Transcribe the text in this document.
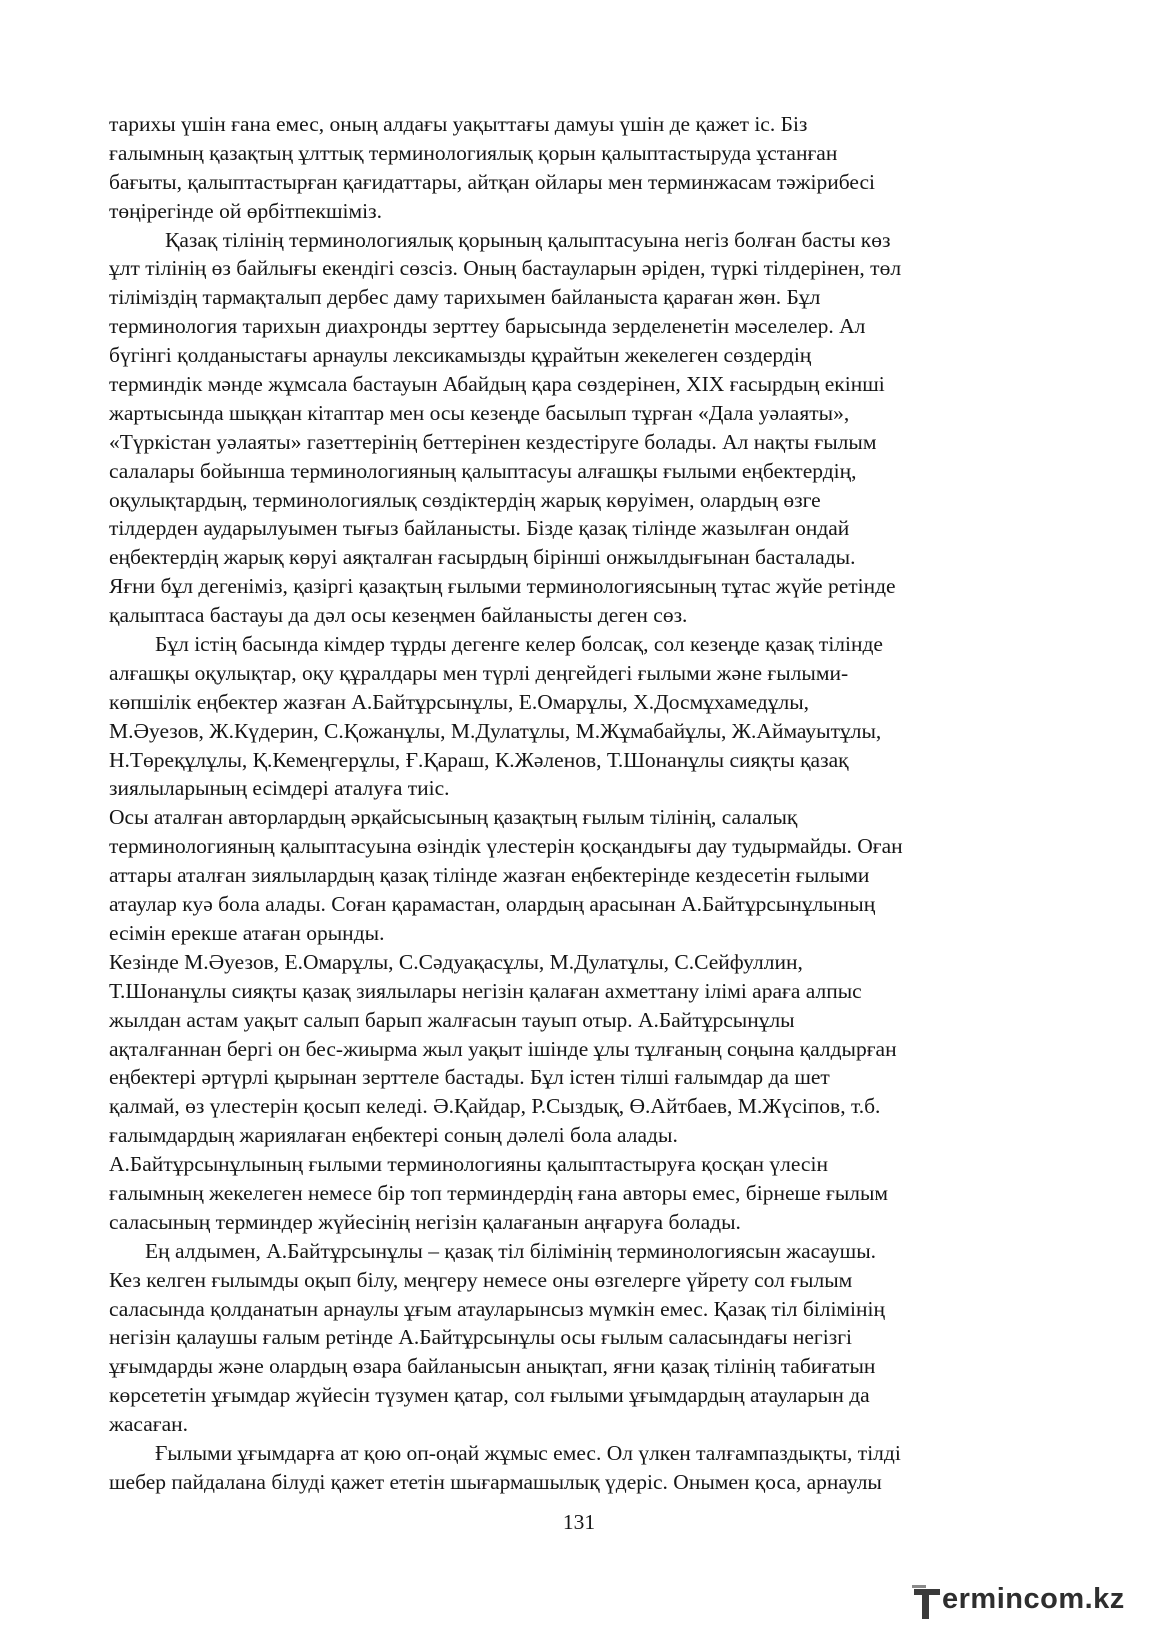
тарихы үшін ғана емес, оның алдағы уақыттағы дамуы үшін де қажет іс. Біз
ғалымның қазақтың ұлттық терминологиялық қорын қалыптастыруда ұстанған
бағыты, қалыптастырған қағидаттары, айтқан ойлары мен терминжасам тәжірибесі
төңірегінде ой өрбітпекшіміз.
Қазақ тілінің терминологиялық қорының қалыптасуына негіз болған басты көз
ұлт тілінің өз байлығы екендігі сөзсіз. Оның бастауларын әріден, түркі тілдерінен, төл
тіліміздің тармақталып дербес даму тарихымен байланыста қараған жөн. Бұл
терминология тарихын диахронды зерттеу барысында зерделенетін мәселелер. Ал
бүгінгі қолданыстағы арнаулы лексикамызды құрайтын жекелеген сөздердің
терминдік мәнде жұмсала бастауын Абайдың қара сөздерінен, XIX ғасырдың екінші
жартысында шыққан кітаптар мен осы кезеңде басылып тұрған «Дала уәлаяты»,
«Түркістан уәлаяты» газеттерінің беттерінен кездестіруге болады. Ал нақты ғылым
салалары бойынша терминологияның қалыптасуы алғашқы ғылыми еңбектердің,
оқулықтардың, терминологиялық сөздіктердің жарық көруімен, олардың өзге
тілдерден аударылуымен тығыз байланысты. Бізде қазақ тілінде жазылған ондай
еңбектердің жарық көруі аяқталған ғасырдың бірінші онжылдығынан басталады.
Яғни бұл дегеніміз, қазіргі қазақтың ғылыми терминологиясының тұтас жүйе ретінде
қалыптаса бастауы да дәл осы кезеңмен байланысты деген сөз.
Бұл істің басында кімдер тұрды дегенге келер болсақ, сол кезеңде қазақ тілінде
алғашқы оқулықтар, оқу құралдары мен түрлі деңгейдегі ғылыми және ғылыми-
көпшілік еңбектер жазған А.Байтұрсынұлы, Е.Омарұлы, Х.Досмұхамедұлы,
М.Әуезов, Ж.Күдерин, С.Қожанұлы, М.Дулатұлы, М.Жұмабайұлы, Ж.Аймауытұлы,
Н.Төреқұлұлы, Қ.Кемеңгерұлы, Ғ.Қараш, К.Жәленов, Т.Шонанұлы сияқты қазақ
зиялыларының есімдері аталуға тиіс.
Осы аталған авторлардың әрқайсысының қазақтың ғылым тілінің, салалық
терминологияның қалыптасуына өзіндік үлестерін қосқандығы дау тудырмайды. Оған
аттары аталған зиялылардың қазақ тілінде жазған еңбектерінде кездесетін ғылыми
атаулар куә бола алады. Соған қарамастан, олардың арасынан А.Байтұрсынұлының
есімін ерекше атаған орынды.
Кезінде М.Әуезов, Е.Омарұлы, С.Сәдуақасұлы, М.Дулатұлы, С.Сейфуллин,
Т.Шонанұлы сияқты қазақ зиялылары негізін қалаған ахметтану ілімі араға алпыс
жылдан астам уақыт салып барып жалғасын тауып отыр. А.Байтұрсынұлы
ақталғаннан бергі он бес-жиырма жыл уақыт ішінде ұлы тұлғаның соңына қалдырған
еңбектері әртүрлі қырынан зерттеле бастады. Бұл істен тілші ғалымдар да шет
қалмай, өз үлестерін қосып келеді. Ә.Қайдар, Р.Сыздық, Ө.Айтбаев, М.Жүсіпов, т.б.
ғалымдардың жариялаған еңбектері соның дәлелі бола алады.
А.Байтұрсынұлының ғылыми терминологияны қалыптастыруға қосқан үлесін
ғалымның жекелеген немесе бір топ терминдердің ғана авторы емес, бірнеше ғылым
саласының терминдер жүйесінің негізін қалағанын аңғаруға болады.
Ең алдымен, А.Байтұрсынұлы – қазақ тіл білімінің терминологиясын жасаушы.
Кез келген ғылымды оқып білу, меңгеру немесе оны өзгелерге үйрету сол ғылым
саласында қолданатын арнаулы ұғым атауларынсыз мүмкін емес. Қазақ тіл білімінің
негізін қалаушы ғалым ретінде А.Байтұрсынұлы осы ғылым саласындағы негізгі
ұғымдарды және олардың өзара байланысын анықтап, яғни қазақ тілінің табиғатын
көрсететін ұғымдар жүйесін түзумен қатар, сол ғылыми ұғымдардың атауларын да
жасаған.
Ғылыми ұғымдарға ат қою оп-оңай жұмыс емес. Ол үлкен талғампаздықты, тілді
шебер пайдалана білуді қажет ететін шығармашылық үдеріс. Онымен қоса, арнаулы
131
ermincom.kz
